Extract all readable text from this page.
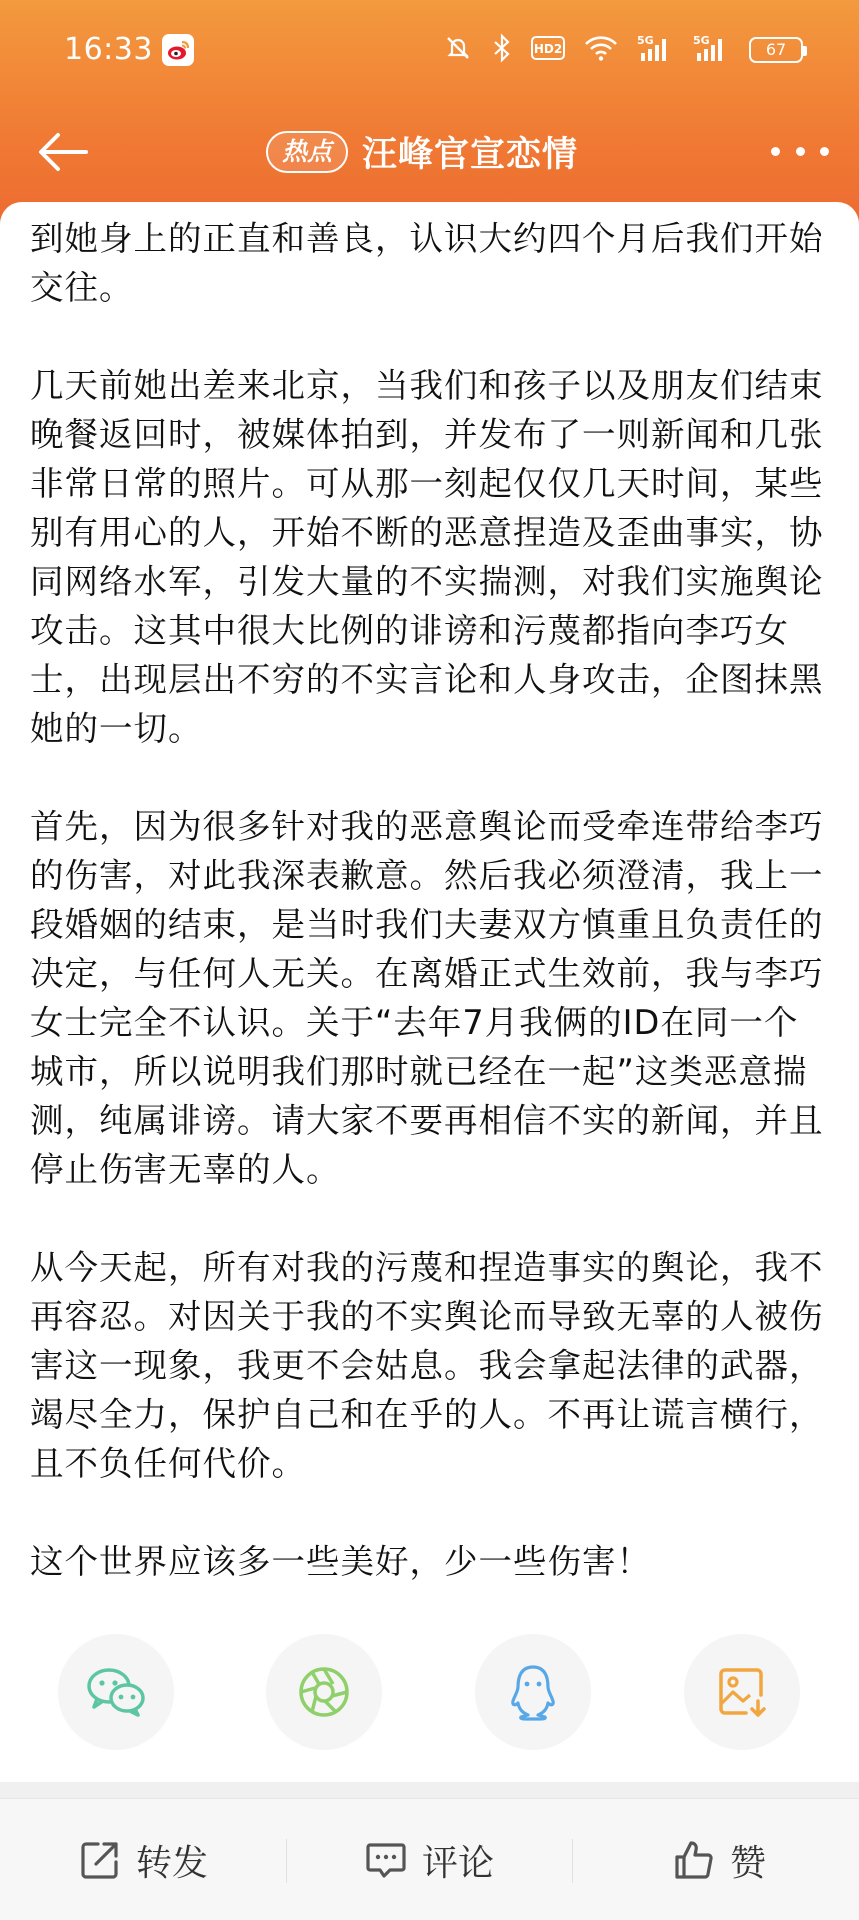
16:33	HD2
5G	5G	67
热点 汪峰官宣恋情

到她身上的正直和善良，认识大约四个月后我们开始交往。

几天前她出差来北京，当我们和孩子以及朋友们结束晚餐返回时，被媒体拍到，并发布了一则新闻和几张非常日常的照片。可从那一刻起仅仅几天时间，某些别有用心的人，开始不断的恶意捏造及歪曲事实，协同网络水军，引发大量的不实揣测，对我们实施舆论攻击。这其中很大比例的诽谤和污蔑都指向李巧女士，出现层出不穷的不实言论和人身攻击，企图抹黑她的一切。

首先，因为很多针对我的恶意舆论而受牵连带给李巧的伤害，对此我深表歉意。然后我必须澄清，我上一段婚姻的结束，是当时我们夫妻双方慎重且负责任的决定，与任何人无关。在离婚正式生效前，我与李巧女士完全不认识。关于“去年7月我俩的ID在同一个城市，所以说明我们那时就已经在一起”这类恶意揣测，纯属诽谤。请大家不要再相信不实的新闻，并且停止伤害无辜的人。

从今天起，所有对我的污蔑和捏造事实的舆论，我不再容忍。对因关于我的不实舆论而导致无辜的人被伤害这一现象，我更不会姑息。我会拿起法律的武器，竭尽全力，保护自己和在乎的人。不再让谎言横行，且不负任何代价。

这个世界应该多一些美好，少一些伤害！

转发	评论	赞
